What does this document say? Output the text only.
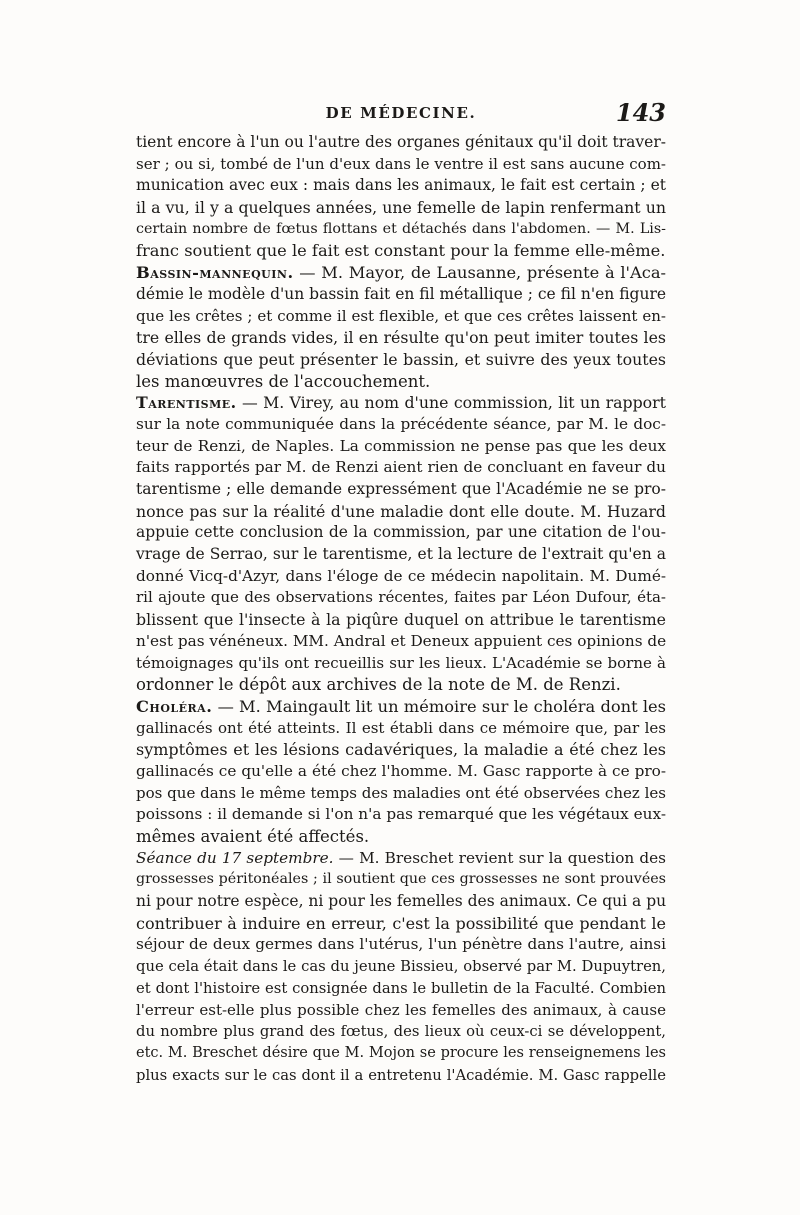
DE MÉDECINE.	143
tient encore à l'un ou l'autre des organes génitaux qu'il doit traver-
ser ; ou si, tombé de l'un d'eux dans le ventre il est sans aucune com-
munication avec eux : mais dans les animaux, le fait est certain ; et
il a vu, il y a quelques années, une femelle de lapin renfermant un
certain nombre de fœtus flottans et détachés dans l'abdomen. — M. Lis-
franc soutient que le fait est constant pour la femme elle-même.
Bassin-mannequin. — M. Mayor, de Lausanne, présente à l'Aca-
démie le modèle d'un bassin fait en fil métallique ; ce fil n'en figure
que les crêtes ; et comme il est flexible, et que ces crêtes laissent en-
tre elles de grands vides, il en résulte qu'on peut imiter toutes les
déviations que peut présenter le bassin, et suivre des yeux toutes
les manœuvres de l'accouchement.
Tarentisme. — M. Virey, au nom d'une commission, lit un rapport
sur la note communiquée dans la précédente séance, par M. le doc-
teur de Renzi, de Naples. La commission ne pense pas que les deux
faits rapportés par M. de Renzi aient rien de concluant en faveur du
tarentisme ; elle demande expressément que l'Académie ne se pro-
nonce pas sur la réalité d'une maladie dont elle doute. M. Huzard
appuie cette conclusion de la commission, par une citation de l'ou-
vrage de Serrao, sur le tarentisme, et la lecture de l'extrait qu'en a
donné Vicq-d'Azyr, dans l'éloge de ce médecin napolitain. M. Dumé-
ril ajoute que des observations récentes, faites par Léon Dufour, éta-
blissent que l'insecte à la piqûre duquel on attribue le tarentisme
n'est pas vénéneux. MM. Andral et Deneux appuient ces opinions de
témoignages qu'ils ont recueillis sur les lieux. L'Académie se borne à
ordonner le dépôt aux archives de la note de M. de Renzi.
Choléra. — M. Maingault lit un mémoire sur le choléra dont les
gallinacés ont été atteints. Il est établi dans ce mémoire que, par les
symptômes et les lésions cadavériques, la maladie a été chez les
gallinacés ce qu'elle a été chez l'homme. M. Gasc rapporte à ce pro-
pos que dans le même temps des maladies ont été observées chez les
poissons : il demande si l'on n'a pas remarqué que les végétaux eux-
mêmes avaient été affectés.
Séance du 17 septembre. — M. Breschet revient sur la question des
grossesses péritonéales ; il soutient que ces grossesses ne sont prouvées
ni pour notre espèce, ni pour les femelles des animaux. Ce qui a pu
contribuer à induire en erreur, c'est la possibilité que pendant le
séjour de deux germes dans l'utérus, l'un pénètre dans l'autre, ainsi
que cela était dans le cas du jeune Bissieu, observé par M. Dupuytren,
et dont l'histoire est consignée dans le bulletin de la Faculté. Combien
l'erreur est-elle plus possible chez les femelles des animaux, à cause
du nombre plus grand des fœtus, des lieux où ceux-ci se développent,
etc. M. Breschet désire que M. Mojon se procure les renseignemens les
plus exacts sur le cas dont il a entretenu l'Académie. M. Gasc rappelle
